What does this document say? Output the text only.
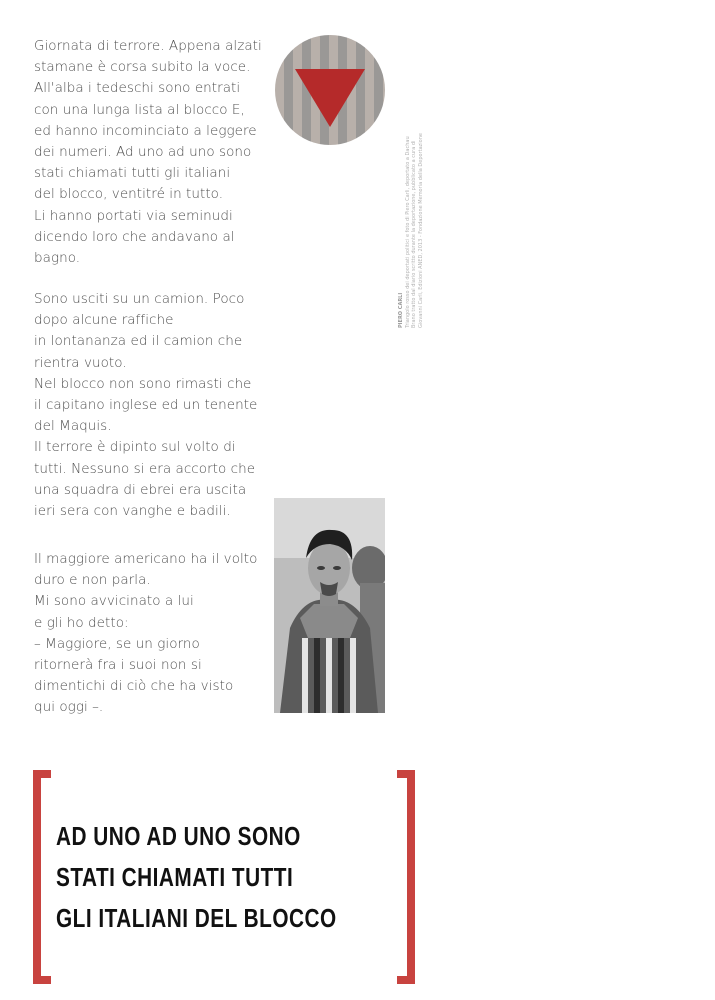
Giornata di terrore. Appena alzati
stamane è corsa subito la voce.
All'alba i tedeschi sono entrati
con una lunga lista al blocco E,
ed hanno incominciato a leggere
dei numeri. Ad uno ad uno sono
stati chiamati tutti gli italiani
del blocco, ventitré in tutto.
Li hanno portati via seminudi
dicendo loro che andavano al
bagno.

Sono usciti su un camion. Poco
dopo alcune raffiche
in lontananza ed il camion che
rientra vuoto.
Nel blocco non sono rimasti che
il capitano inglese ed un tenente
del Maquis.
Il terrore è dipinto sul volto di
tutti. Nessuno si era accorto che
una squadra di ebrei era uscita
ieri sera con vanghe e badili.

Il maggiore americano ha il volto
duro e non parla.
Mi sono avvicinato a lui
e gli ho detto:
– Maggiore, se un giorno
ritornerà fra i suoi non si
dimentichi di ciò che ha visto
qui oggi –.

PIERO CARLI Triangolo rosso dei deportati politici e foto di Piero Carli, deportato a Dachau Brano tratto dal diario scritto durante la deportazione, pubblicato a cura di Giovanni Carli, Edizioni ANED, 2013 - Fondazione Memoria della Deportazione
AD UNO AD UNO SONO
STATI CHIAMATI TUTTI
GLI ITALIANI DEL BLOCCO
